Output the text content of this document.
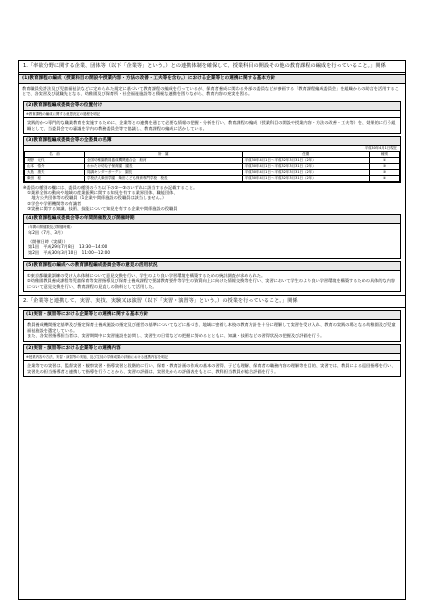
1.「率欲分野に関する企業、団体等（以下「企業等」という。）との連携体制を確保して、授業科目の開設その他の教育課程の編成を行っていること。」関係
(1)教育課程の編成（授業科目の開設や授業内容・方法の改善・工夫等を含む。）における企業等との連携に関する基本方針
教育職員免許法及び児童福祉法などに定められた規定に基づいて教育課程の編成を行っているが、保育者養成に関わる外部の委員などが参画する「教育課程編成委員会」を組織からの助言を活用することで、各実習及び就職先となる、幼稚園及び保育所・社会福祉施設等と積極な連携を図りながら、教育内容の充実を図る。
(2)教育課程編成委員会等の位置付け
※教育課程の編成に関する意思決定の過程を明記
実践的かつ専門的な職業教育を実施するために、企業等との連携を通じて必要な情報の把握・分析を行い、教育課程の編成（授業科目の開設や授業内容・方法の改善・工夫等）を、効果的に行う組織として、当委員会での審議を学内の教務委員会等で協議し、教育課程の編成に活かしている。
(3)教育課程編成委員会等の全委員の名簿
平成30年4月1日現在
名　前	所　属	任期	種別
刈野　元代	全国幼稚園教員養成機関連合会　船河	平成30年4月1日～平成32年3月31日（2年）	①
山本　悟介	わかたけ幼な子保育園　園長	平成30年4月1日～平成32年3月31日（2年）	③
大島　康夫	同調キンダーガーデン　園長	平成30年4月1日～平成32年3月31日（2年）	③
柴田　稔	学校法人柴田学園　柴田こども保育専門学校　校長	平成30年4月1日～平成32年3月31日（2年）	②
※委員の種別の欄には、委員の種別のうち以下の①～③のいずれに該当するか記載すること。
　①業界全体の動向や地域の産業振興に関する知見を有する業界団体、職能団体、
　　地方公共団体等の役職員（1企業や関係施設の役職員は該当しません。）
　②学会や学術機関等の有識者
　③実務に関する知識、技術、技能について知見を有する企業や関係施設の役職員
(4)教育課程編成委員会等の年間開催数及び開催時期
（年間の開催数及び開催時期）
年2回（7月、3月）
（開催日時（実績））
第1回　平成29年7月8日　13:30～14:00
第2回　平成30年3月10日　11:00～12:00
(5)教育課程の編成への教育課程編成委員会等の意見の活用状況
①東京都職業訓練の受け入れ体制について意見交換を行い、学生のより良い学習環境を構築するための統計調査が求められた。
②幼稚園教員養成課程等児童保育等実習指導及び保育士養成課程で要請教育要件等学生の資質向上に向けた情報交換等を行い、実習において学生のより良い学習環境を構築するための具体的な内容について意見交換を行い、教育課程の見直しの資料として活用した。
2.「企業等と連携して、実習、実技、実験又は演習（以下「実習・演習等」という。）の授業を行っていること。」関係
(1)実習・演習等における企業等との連携に関する基本方針
教員養成機関指定基準及び指定保育士養成施設の指定及び運営の基準についてなどに基づき、地域に密着し本校の教育方針を十分に理解して実習を受け入れ、教育の実践の場となる幼稚園及び児童福祉施設を選定している。
また、各実習指導担当者は、実習期間中に実習施設を訪問し、実習生の日常などの把握に努めるとともに、知識・技術などの習得状況の把握及び評価を行う。
(2)実習・演習等における企業等との連携内容
※授業内容や方法、実習・演習等の実施、及び生徒の学修成果の評価における連携内容を明記
企業等での実習は、監督実習・観察実習・指導実習と段階的に行い、保育・教育計画の作成の基本の習得、子ども理解、保育者の職務内容の理解等を目的、実習では、教員による巡回指導を行い、実習先の担当指導者と連携して指導を行うことから、実習の評価は、実習先からの評価表をもとに、教科担当教員が総合評価を行う。
